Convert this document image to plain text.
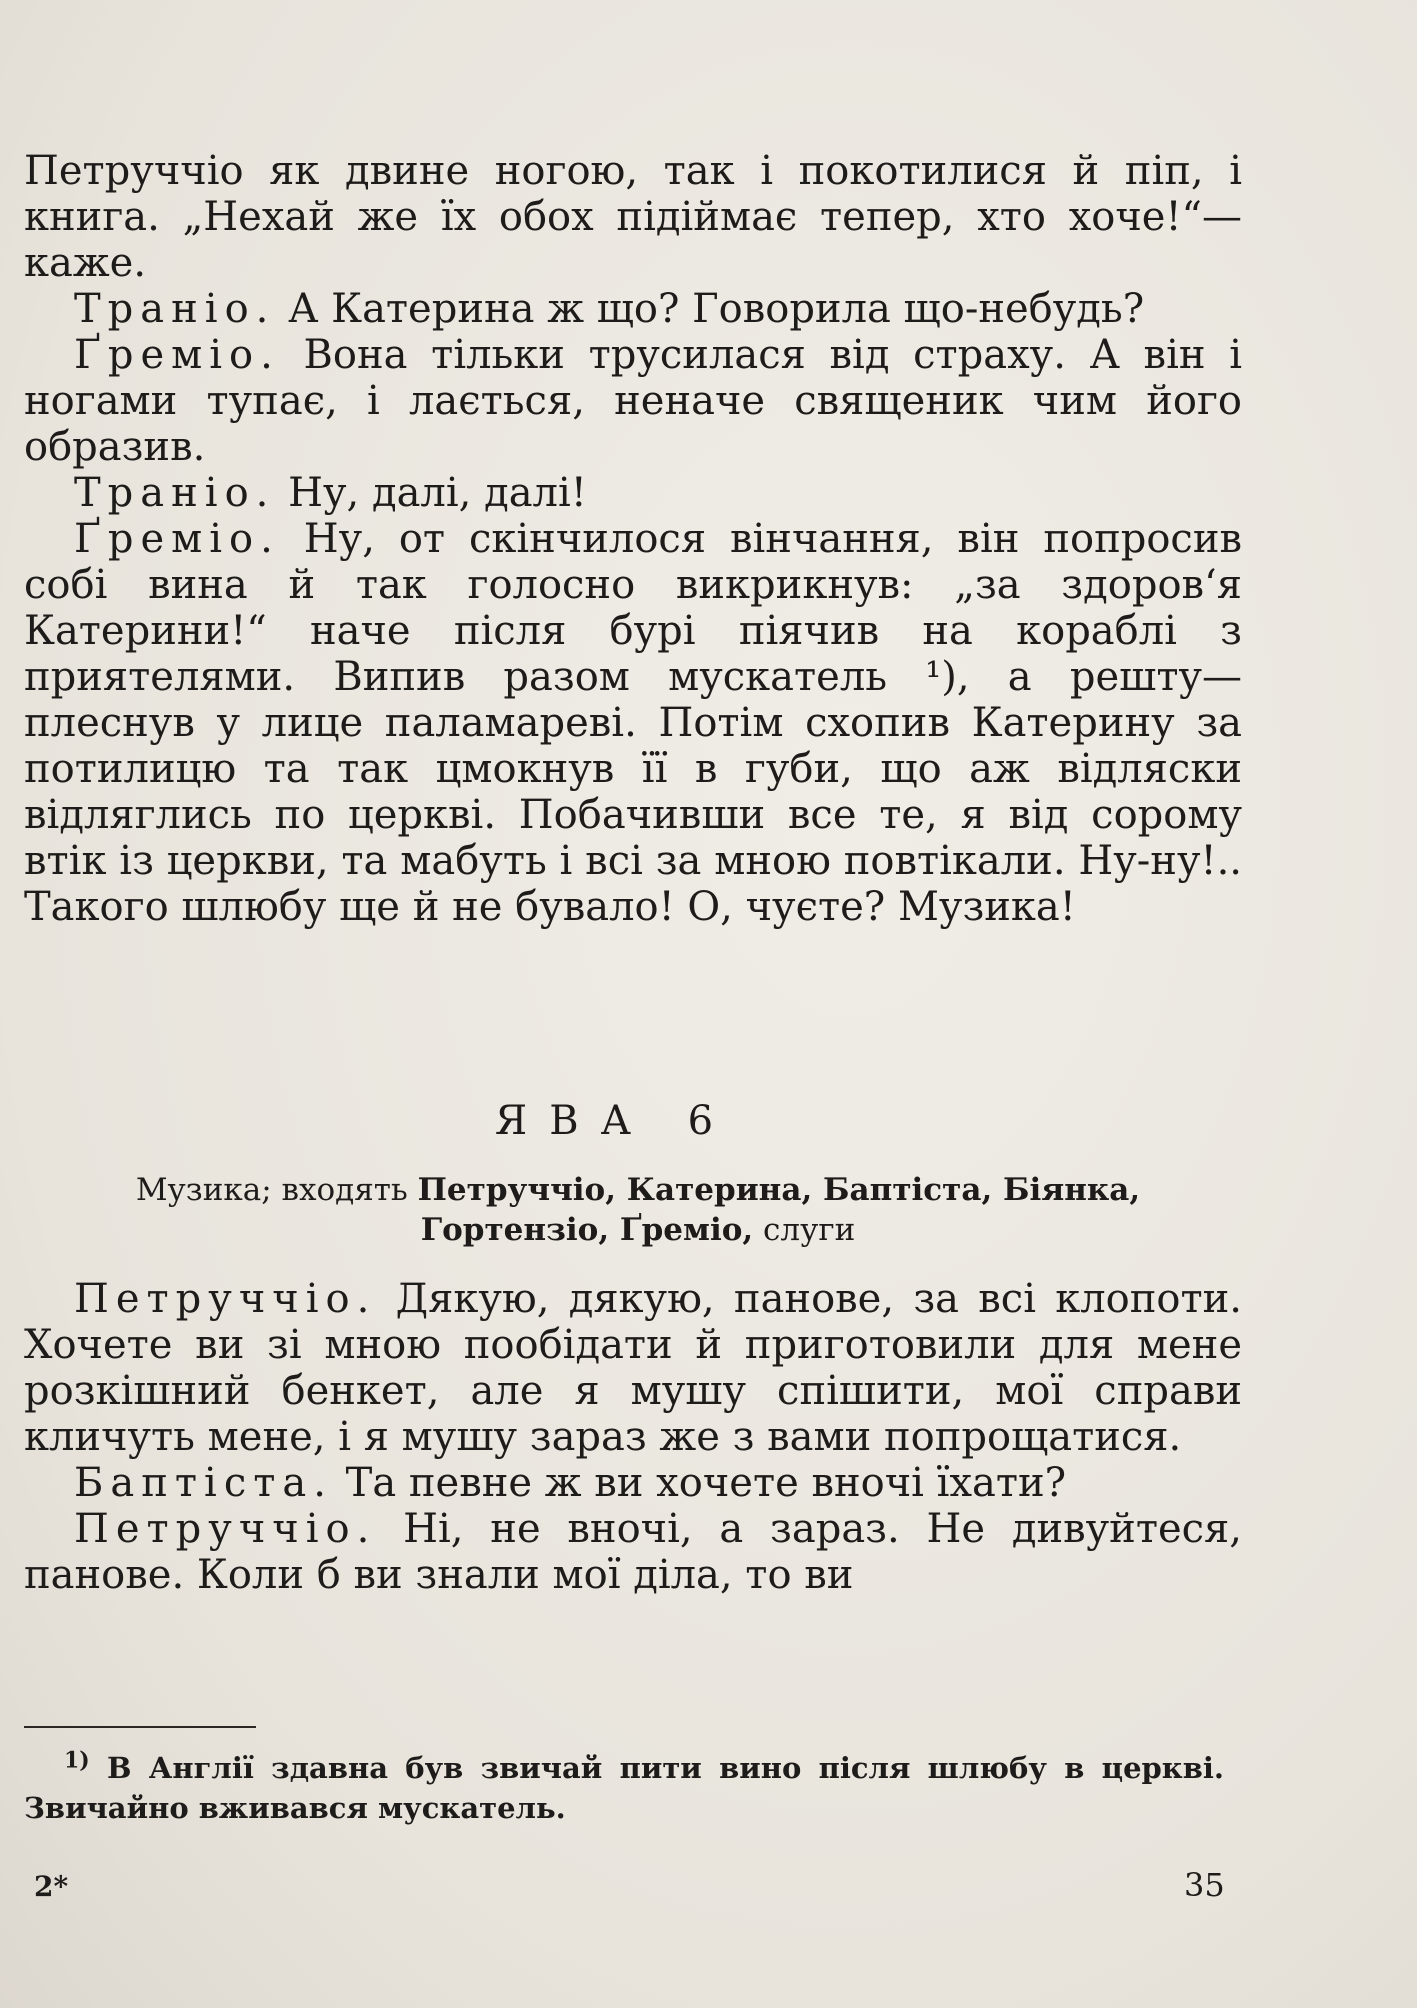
Петруччіо як двине ногою, так і покотилися й піп, і книга. „Нехай же їх обох підіймає тепер, хто хоче!“—каже.

Траніо. А Катерина ж що? Говорила що-небудь?

Ґреміо. Вона тільки трусилася від страху. А він і ногами тупає, і лається, неначе священик чим його образив.

Траніо. Ну, далі, далі!

Ґреміо. Ну, от скінчилося вінчання, він попросив собі вина й так голосно викрикнув: „за здоров‘я Катерини!“ наче після бурі піячив на кораблі з приятелями. Випив разом мускатель ¹), а решту—плеснув у лице паламареві. Потім схопив Катерину за потилицю та так цмокнув її в губи, що аж відляски відляглись по церкві. Побачивши все те, я від сорому втік із церкви, та мабуть і всі за мною повтікали. Ну-ну!.. Такого шлюбу ще й не бувало! О, чуєте? Музика!

ЯВА 6
Музика; входять Петруччіо, Катерина, Баптіста, Біянка, Гортензіо, Ґреміо, слуги

Петруччіо. Дякую, дякую, панове, за всі клопоти. Хочете ви зі мною пообідати й приготовили для мене розкішний бенкет, але я мушу спішити, мої справи кличуть мене, і я мушу зараз же з вами попрощатися.

Баптіста. Та певне ж ви хочете вночі їхати?

Петруччіо. Ні, не вночі, а зараз. Не дивуйтеся, панове. Коли б ви знали мої діла, то ви

$^{1)}$ В Англії здавна був звичай пити вино після шлюбу в церкві. Звичайно вживався мускатель.

2*	35
